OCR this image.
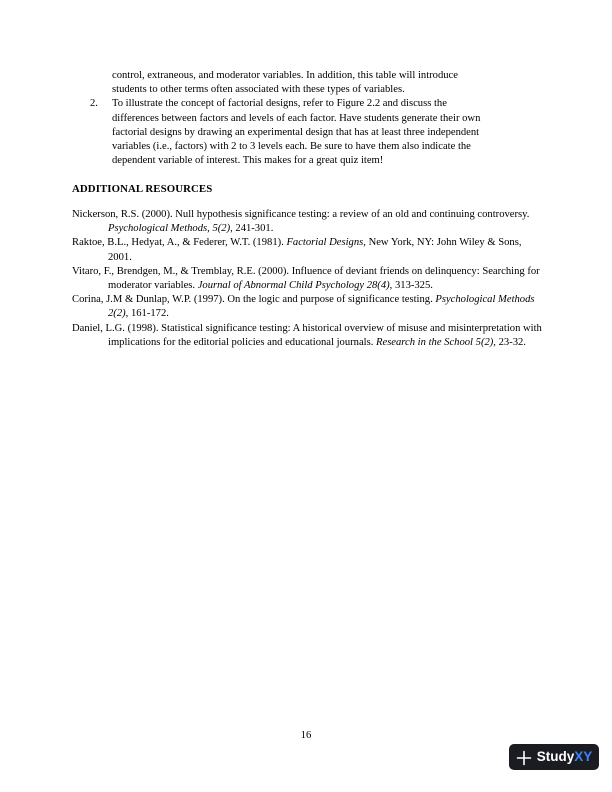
control, extraneous, and moderator variables. In addition, this table will introduce
students to other terms often associated with these types of variables.
2. To illustrate the concept of factorial designs, refer to Figure 2.2 and discuss the
differences between factors and levels of each factor. Have students generate their own
factorial designs by drawing an experimental design that has at least three independent
variables (i.e., factors) with 2 to 3 levels each. Be sure to have them also indicate the
dependent variable of interest. This makes for a great quiz item!
ADDITIONAL RESOURCES
Nickerson, R.S. (2000). Null hypothesis significance testing: a review of an old and continuing controversy. Psychological Methods, 5(2), 241-301.
Raktoe, B.L., Hedyat, A., & Federer, W.T. (1981). Factorial Designs, New York, NY: John Wiley & Sons, 2001.
Vitaro, F., Brendgen, M., & Tremblay, R.E. (2000). Influence of deviant friends on delinquency: Searching for moderator variables. Journal of Abnormal Child Psychology 28(4), 313-325.
Corina, J.M & Dunlap, W.P. (1997). On the logic and purpose of significance testing. Psychological Methods 2(2), 161-172.
Daniel, L.G. (1998). Statistical significance testing: A historical overview of misuse and misinterpretation with implications for the editorial policies and educational journals. Research in the School 5(2), 23-32.
16
StudyXY
